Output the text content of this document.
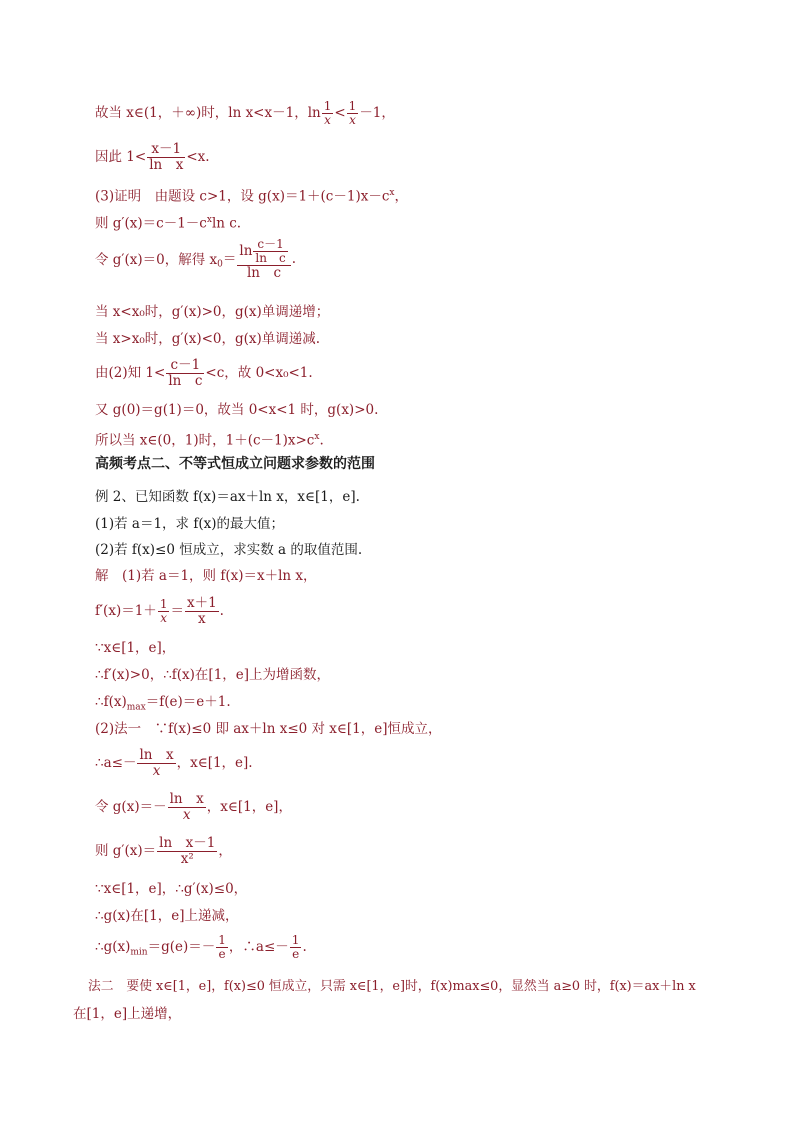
故当 x∈(1，＋∞)时，ln x<x－1，$\ln \frac{1}{x} < \frac{1}{x} -1$，
因此 $1< \frac{x-1}{\text{ln　x}} <x$.
(3)证明　由题设 c>1，设 $g(x)=1+(c-1)x-c^x$，
则 $g'(x)=c-1-c^x\ln$ c.
令 g′(x)＝0，解得 $x_0= \frac{\ln \frac{c-1}{\text{ln　c}}}{\text{ln　c}}$ .
当 x<x₀时，g′(x)>0，g(x)单调递增；
当 x>x₀时，g′(x)<0，g(x)单调递减.
由(2)知 $1< \frac{c-1}{\text{ln　c}} <c$，故 0<x₀<1.
又 g(0)＝g(1)＝0，故当 0<x<1 时，g(x)>0.
所以当 x∈(0，1)时，$1+(c-1)x>c^x$.
高频考点二、不等式恒成立问题求参数的范围
例 2、已知函数 f(x)＝ax＋ln x，x∈[1，e].
(1)若 a＝1，求 f(x)的最大值；
(2)若 f(x)≤0 恒成立，求实数 a 的取值范围.
解　(1)若 a＝1，则 f(x)＝x＋ln x，
$f'(x)=1+ \frac{1}{x} = \frac{x+1}{x}$ .
∵x∈[1，e]，
∴f′(x)>0，∴f(x)在[1，e]上为增函数，
$\therefore f(x)_{max}=f(e)=e+1$.
(2)法一　∵f(x)≤0 即 ax＋ln x≤0 对 x∈[1，e]恒成立，
∴a≤－ $\frac{\text{ln　x}}{x}$ ，x∈[1，e].
令 $g(x)=- \frac{\text{ln　x}}{x}$ ，x∈[1，e]，
则 $g'(x)= \frac{\text{ln　x－1}}{\text{x²}}$ ，
∵x∈[1，e]，∴g′(x)≤0，
∴g(x)在[1，e]上递减，
$\therefore g(x)_{min}=g(e)=- \frac{1}{e}$ ，∴a≤－ $\frac{1}{e}$ .
法二　要使 x∈[1，e]，f(x)≤0 恒成立，只需 x∈[1，e]时，f(x)max≤0，显然当 a≥0 时，f(x)＝ax＋ln x
在[1，e]上递增，
